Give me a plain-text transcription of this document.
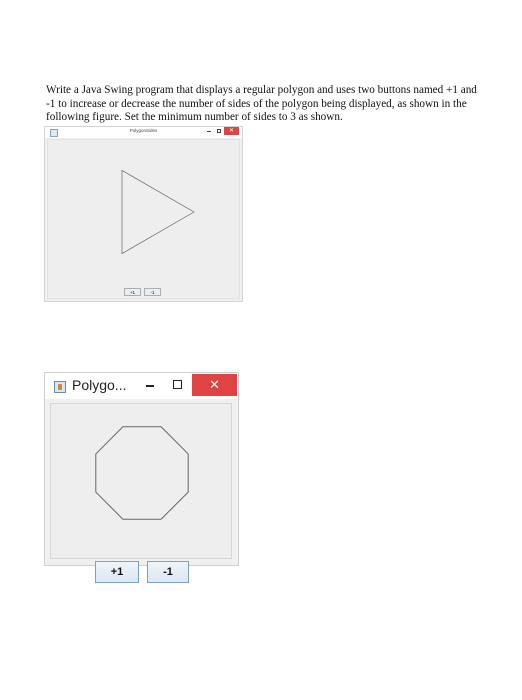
Write a Java Swing program that displays a regular polygon and uses two buttons named +1 and -1 to increase or decrease the number of sides of the polygon being displayed, as shown in the following figure. Set the minimum number of sides to 3 as shown.

PolygonSides	✕
+1	-1
Polygo...	✕
+1	-1
